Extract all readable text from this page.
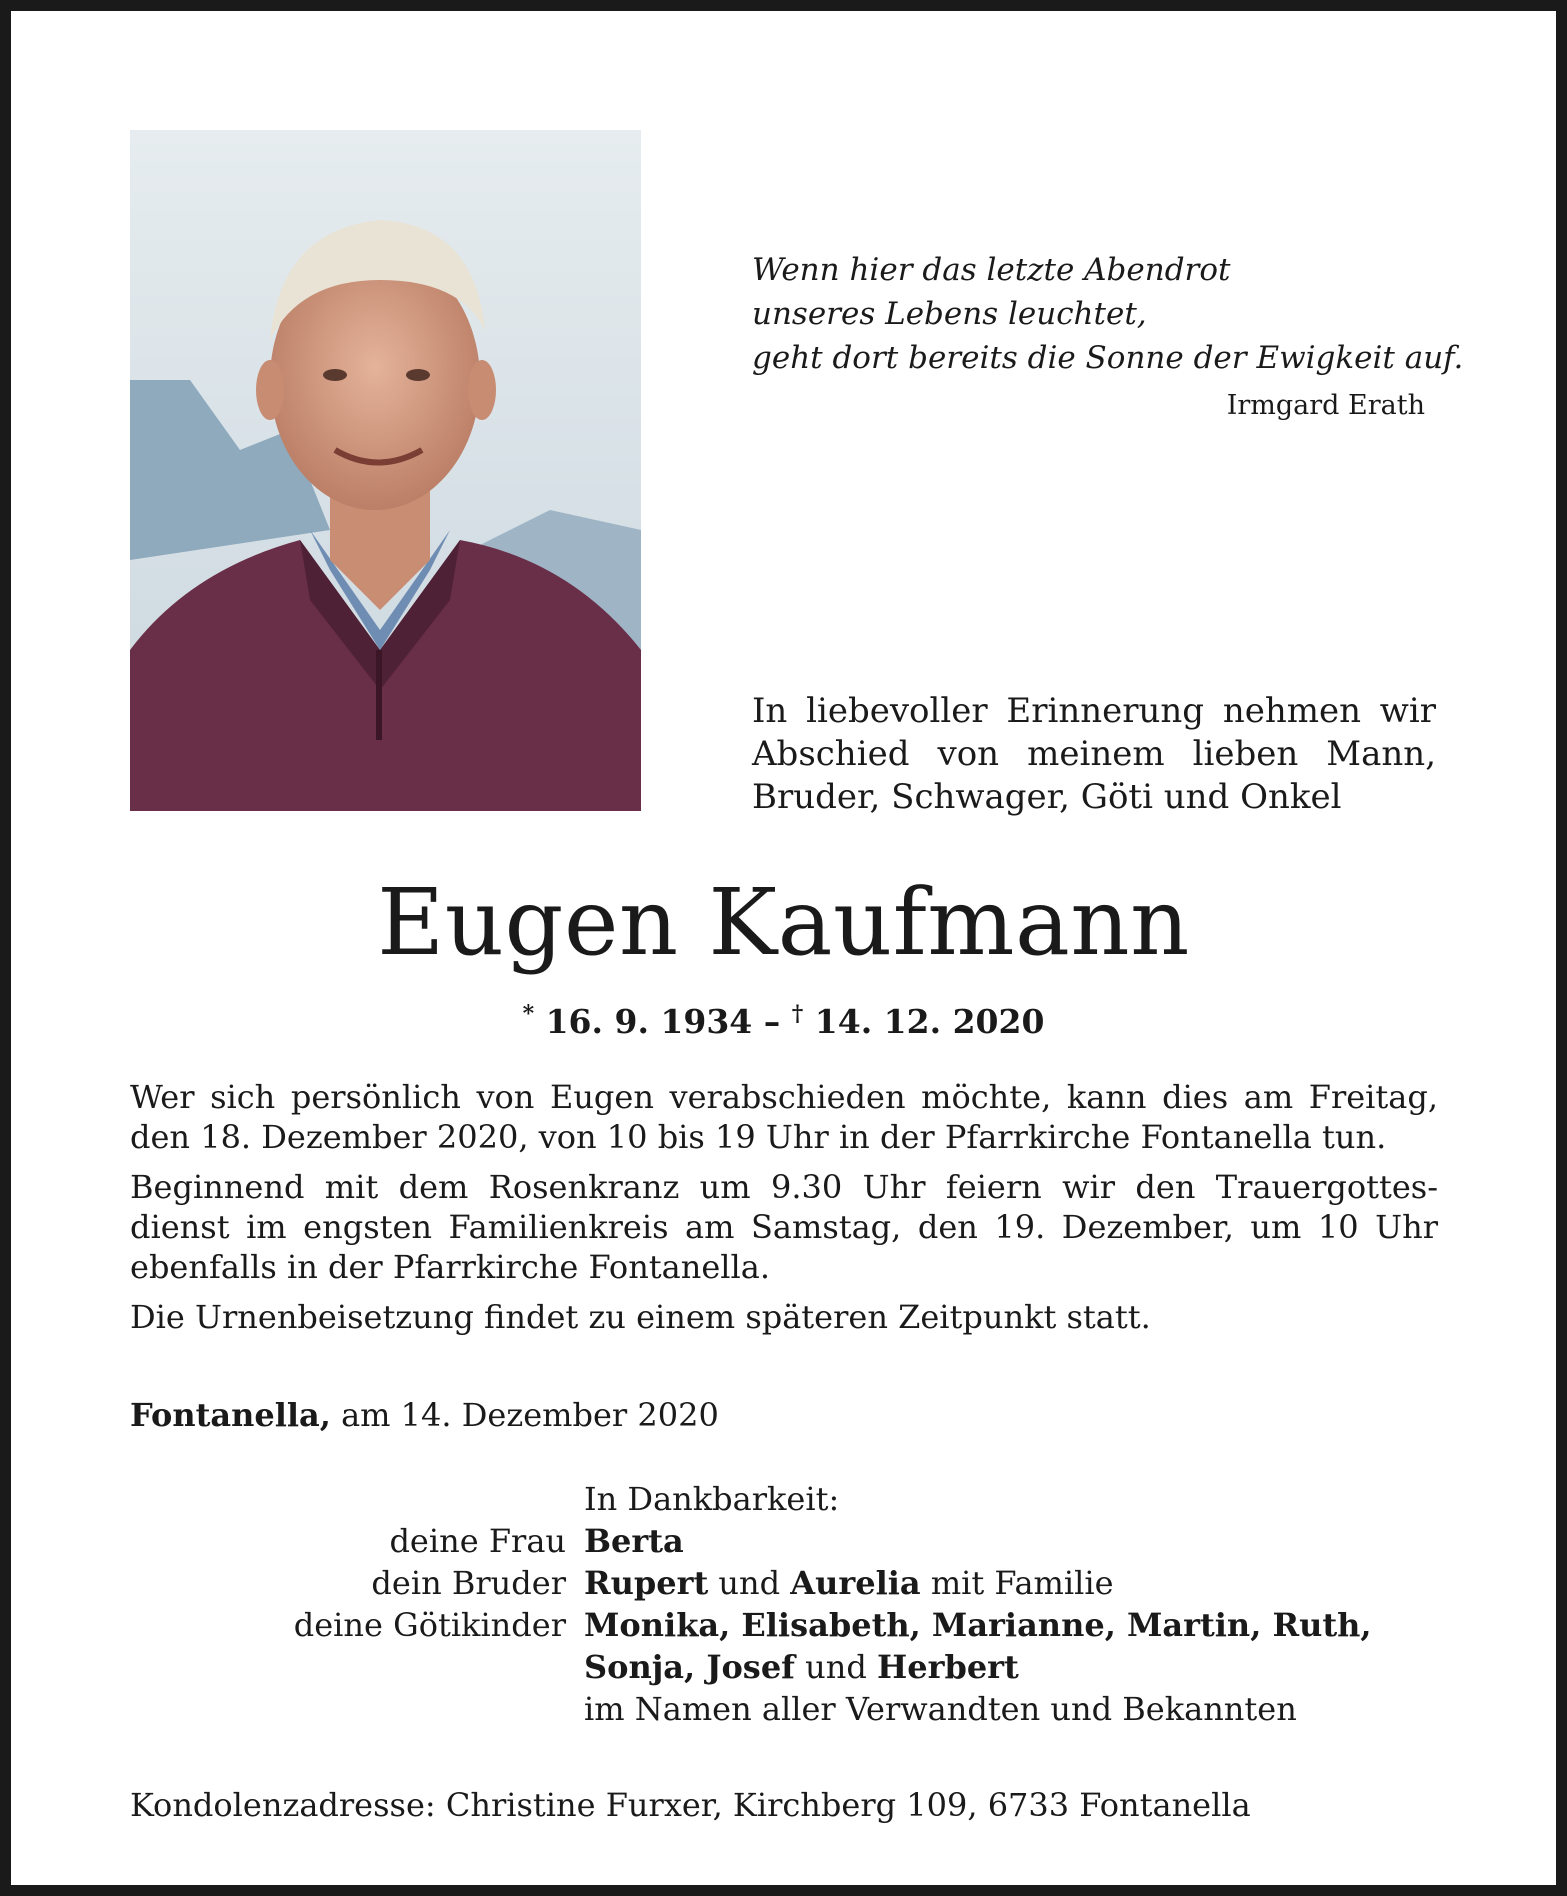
Wenn hier das letzte Abendrot
unseres Lebens leuchtet,
geht dort bereits die Sonne der Ewigkeit auf.
Irmgard Erath
In liebevoller Erinnerung nehmen wir
Abschied von meinem lieben Mann,
Bruder, Schwager, Göti und Onkel
Eugen Kaufmann
* 16. 9. 1934 – † 14. 12. 2020

Wer sich persönlich von Eugen verabschieden möchte, kann dies am Freitag,
den 18. Dezember 2020, von 10 bis 19 Uhr in der Pfarrkirche Fontanella tun.

Beginnend mit dem Rosenkranz um 9.30 Uhr feiern wir den Trauergottes-
dienst im engsten Familienkreis am Samstag, den 19. Dezember, um 10 Uhr
ebenfalls in der Pfarrkirche Fontanella.

Die Urnenbeisetzung findet zu einem späteren Zeitpunkt statt.

Fontanella, am 14. Dezember 2020
In Dankbarkeit:
deine Frau Berta
dein Bruder Rupert und Aurelia mit Familie
deine Götikinder Monika, Elisabeth, Marianne, Martin, Ruth,
Sonja, Josef und Herbert
im Namen aller Verwandten und Bekannten
Kondolenzadresse: Christine Furxer, Kirchberg 109, 6733 Fontanella
